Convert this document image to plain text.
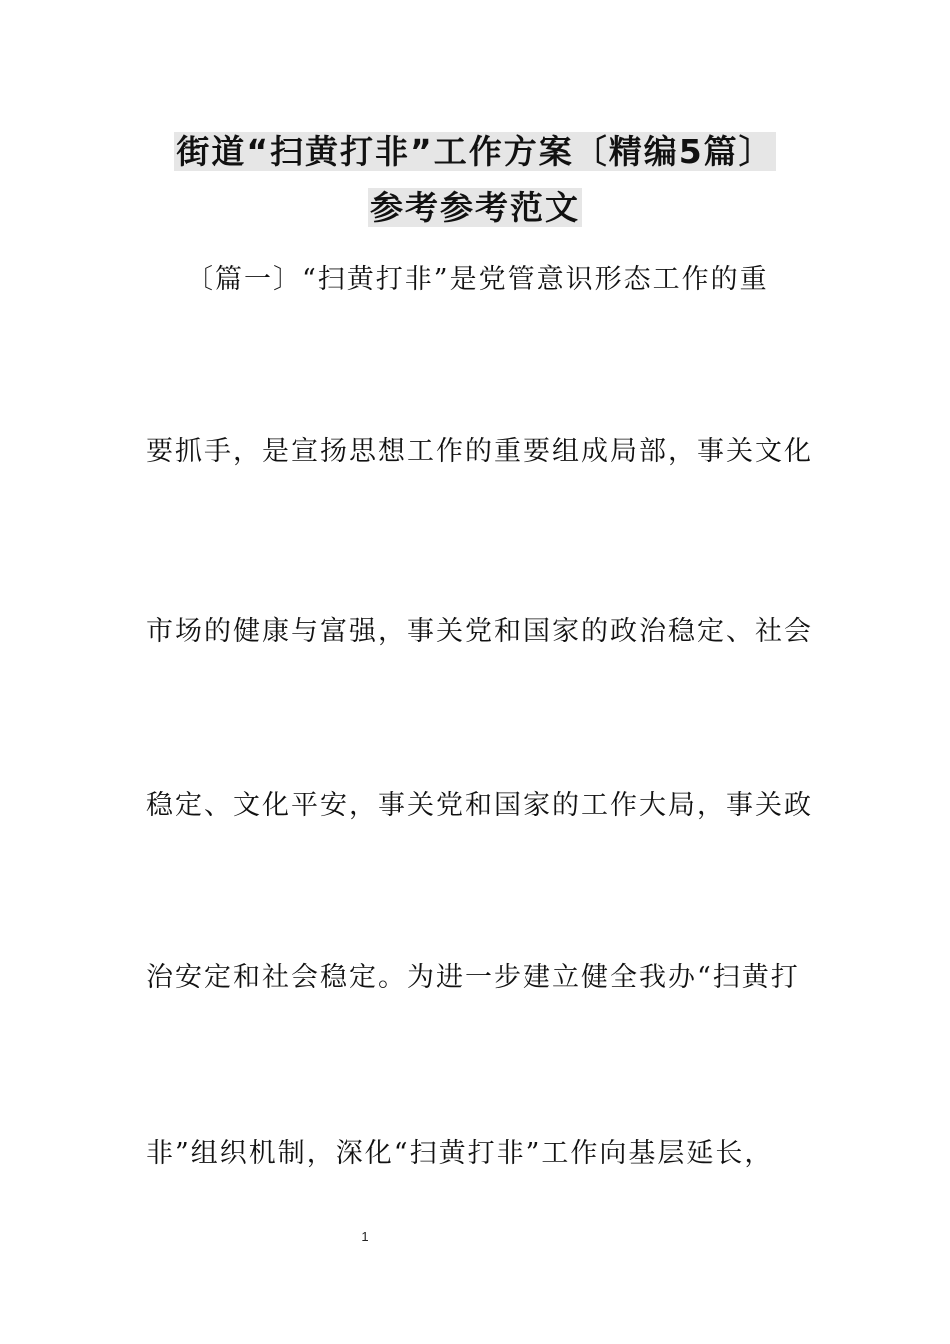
街道“扫黄打非”工作方案〔精编5篇〕
参考参考范文
〔篇一〕“扫黄打非”是党管意识形态工作的重
要抓手，是宣扬思想工作的重要组成局部，事关文化
市场的健康与富强，事关党和国家的政治稳定、社会
稳定、文化平安，事关党和国家的工作大局，事关政
治安定和社会稳定。为进一步建立健全我办“扫黄打
非”组织机制，深化“扫黄打非”工作向基层延长，
1
